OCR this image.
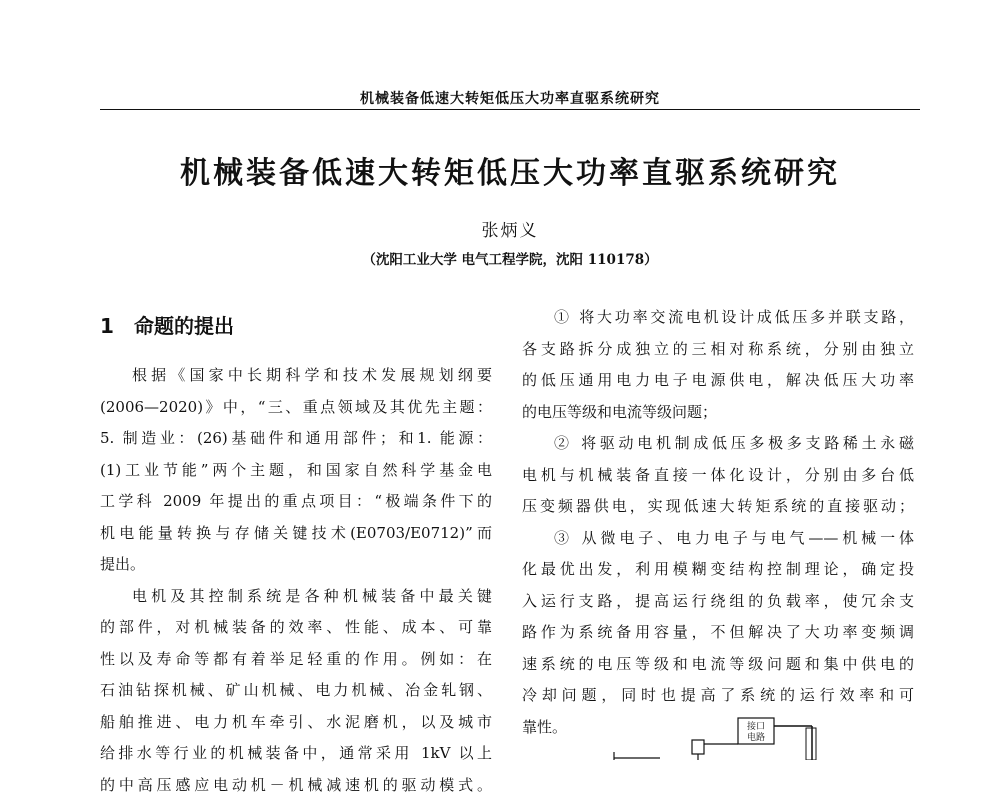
机械装备低速大转矩低压大功率直驱系统研究
机械装备低速大转矩低压大功率直驱系统研究
张炳义
（沈阳工业大学 电气工程学院，沈阳 110178）
1 命题的提出
根据《国家中长期科学和技术发展规划纲要
(2006—2020)》中，“三、重点领域及其优先主题：
5. 制造业：(26)基础件和通用部件；和1. 能源：
(1)工业节能”两个主题，和国家自然科学基金电
工学科 2009 年提出的重点项目：“极端条件下的
机电能量转换与存储关键技术(E0703/E0712)”而
提出。
电机及其控制系统是各种机械装备中最关键
的部件，对机械装备的效率、性能、成本、可靠
性以及寿命等都有着举足轻重的作用。例如：在
石油钻探机械、矿山机械、电力机械、冶金轧钢、
船舶推进、电力机车牵引、水泥磨机，以及城市
给排水等行业的机械装备中，通常采用 1kV 以上
的中高压感应电动机－机械减速机的驱动模式。
① 将大功率交流电机设计成低压多并联支路，
各支路拆分成独立的三相对称系统，分别由独立
的低压通用电力电子电源供电，解决低压大功率
的电压等级和电流等级问题；
② 将驱动电机制成低压多极多支路稀土永磁
电机与机械装备直接一体化设计，分别由多台低
压变频器供电，实现低速大转矩系统的直接驱动；
③ 从微电子、电力电子与电气——机械一体
化最优出发，利用模糊变结构控制理论，确定投
入运行支路，提高运行绕组的负载率，使冗余支
路作为系统备用容量，不但解决了大功率变频调
速系统的电压等级和电流等级问题和集中供电的
冷却问题，同时也提高了系统的运行效率和可
靠性。	接口
电路
